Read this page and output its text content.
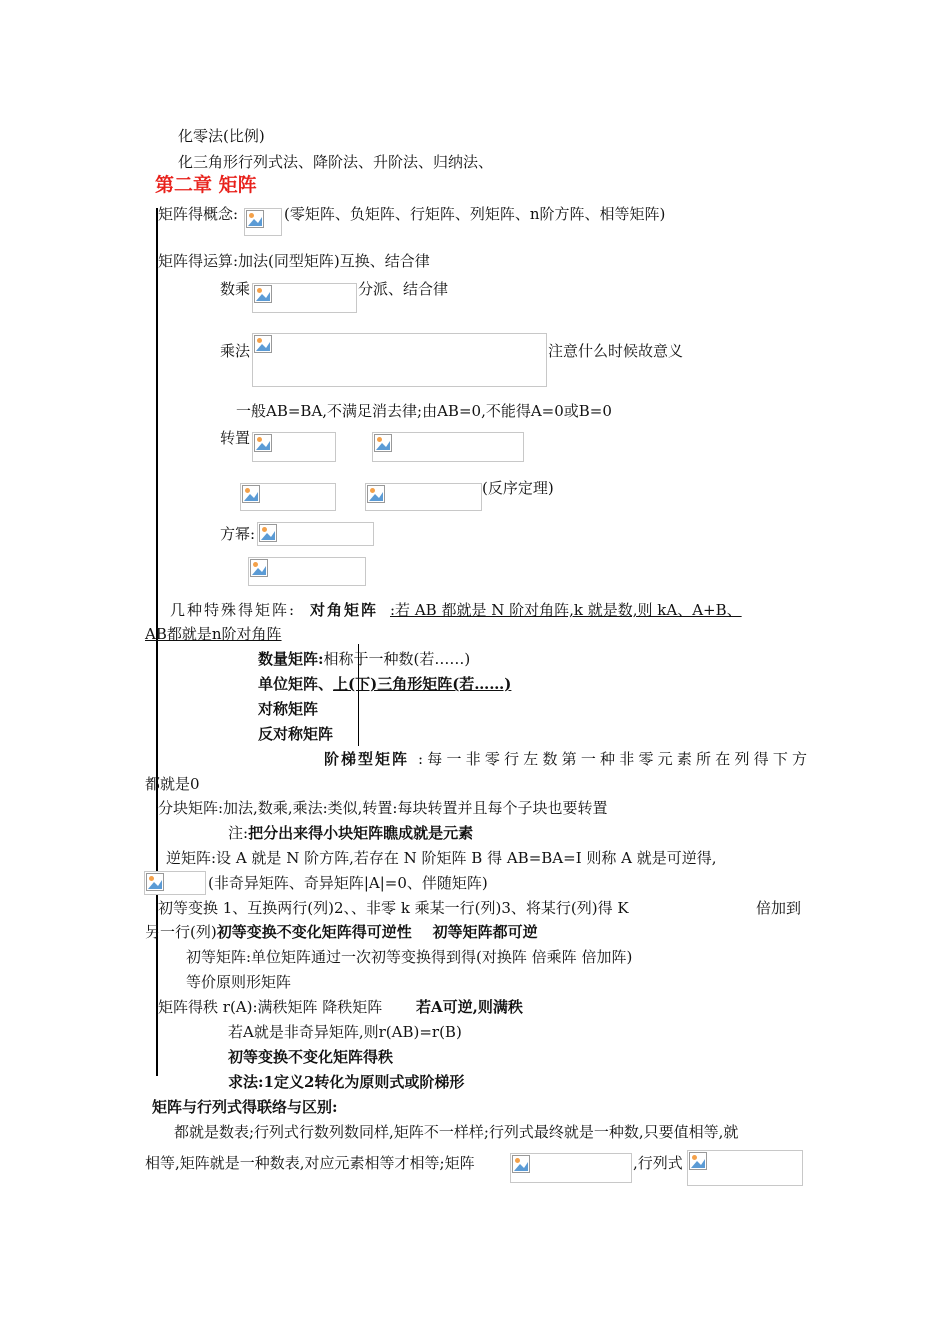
化零法(比例)
化三角形行列式法、降阶法、升阶法、归纳法、
第二章 矩阵
矩阵得概念:	(零矩阵、负矩阵、行矩阵、列矩阵、n阶方阵、相等矩阵)
矩阵得运算:加法(同型矩阵)互换、结合律
数乘	分派、结合律
乘法	注意什么时候故意义
一般AB=BA,不满足消去律;由AB=0,不能得A=0或B=0
转置
(反序定理)
方幂:
几种特殊得矩阵: 对角矩阵 :若 AB 都就是 N 阶对角阵,k 就是数,则 kA、A+B、
AB都就是n阶对角阵
数量矩阵:相称于一种数(若……)
单位矩阵、上(下)三角形矩阵(若……)
对称矩阵
反对称矩阵
阶梯型矩阵 :每一非零行左数第一种非零元素所在列得下方
都就是0
分块矩阵:加法,数乘,乘法:类似,转置:每块转置并且每个子块也要转置
注:把分出来得小块矩阵瞧成就是元素
逆矩阵:设 A 就是 N 阶方阵,若存在 N 阶矩阵 B 得 AB=BA=I 则称 A 就是可逆得,
(非奇异矩阵、奇异矩阵|A|=0、伴随矩阵)
初等变换 1、互换两行(列)2、、非零 k 乘某一行(列)3、将某行(列)得 K	倍加到
另一行(列)初等变换不变化矩阵得可逆性    初等矩阵都可逆
初等矩阵:单位矩阵通过一次初等变换得到得(对换阵 倍乘阵 倍加阵)
等价原则形矩阵
矩阵得秩 r(A):满秩矩阵 降秩矩阵 若A可逆,则满秩
若A就是非奇异矩阵,则r(AB)=r(B)
初等变换不变化矩阵得秩
求法:1定义2转化为原则式或阶梯形
矩阵与行列式得联络与区别:
都就是数表;行列式行数列数同样,矩阵不一样样;行列式最终就是一种数,只要值相等,就
相等,矩阵就是一种数表,对应元素相等才相等;矩阵	,行列式
